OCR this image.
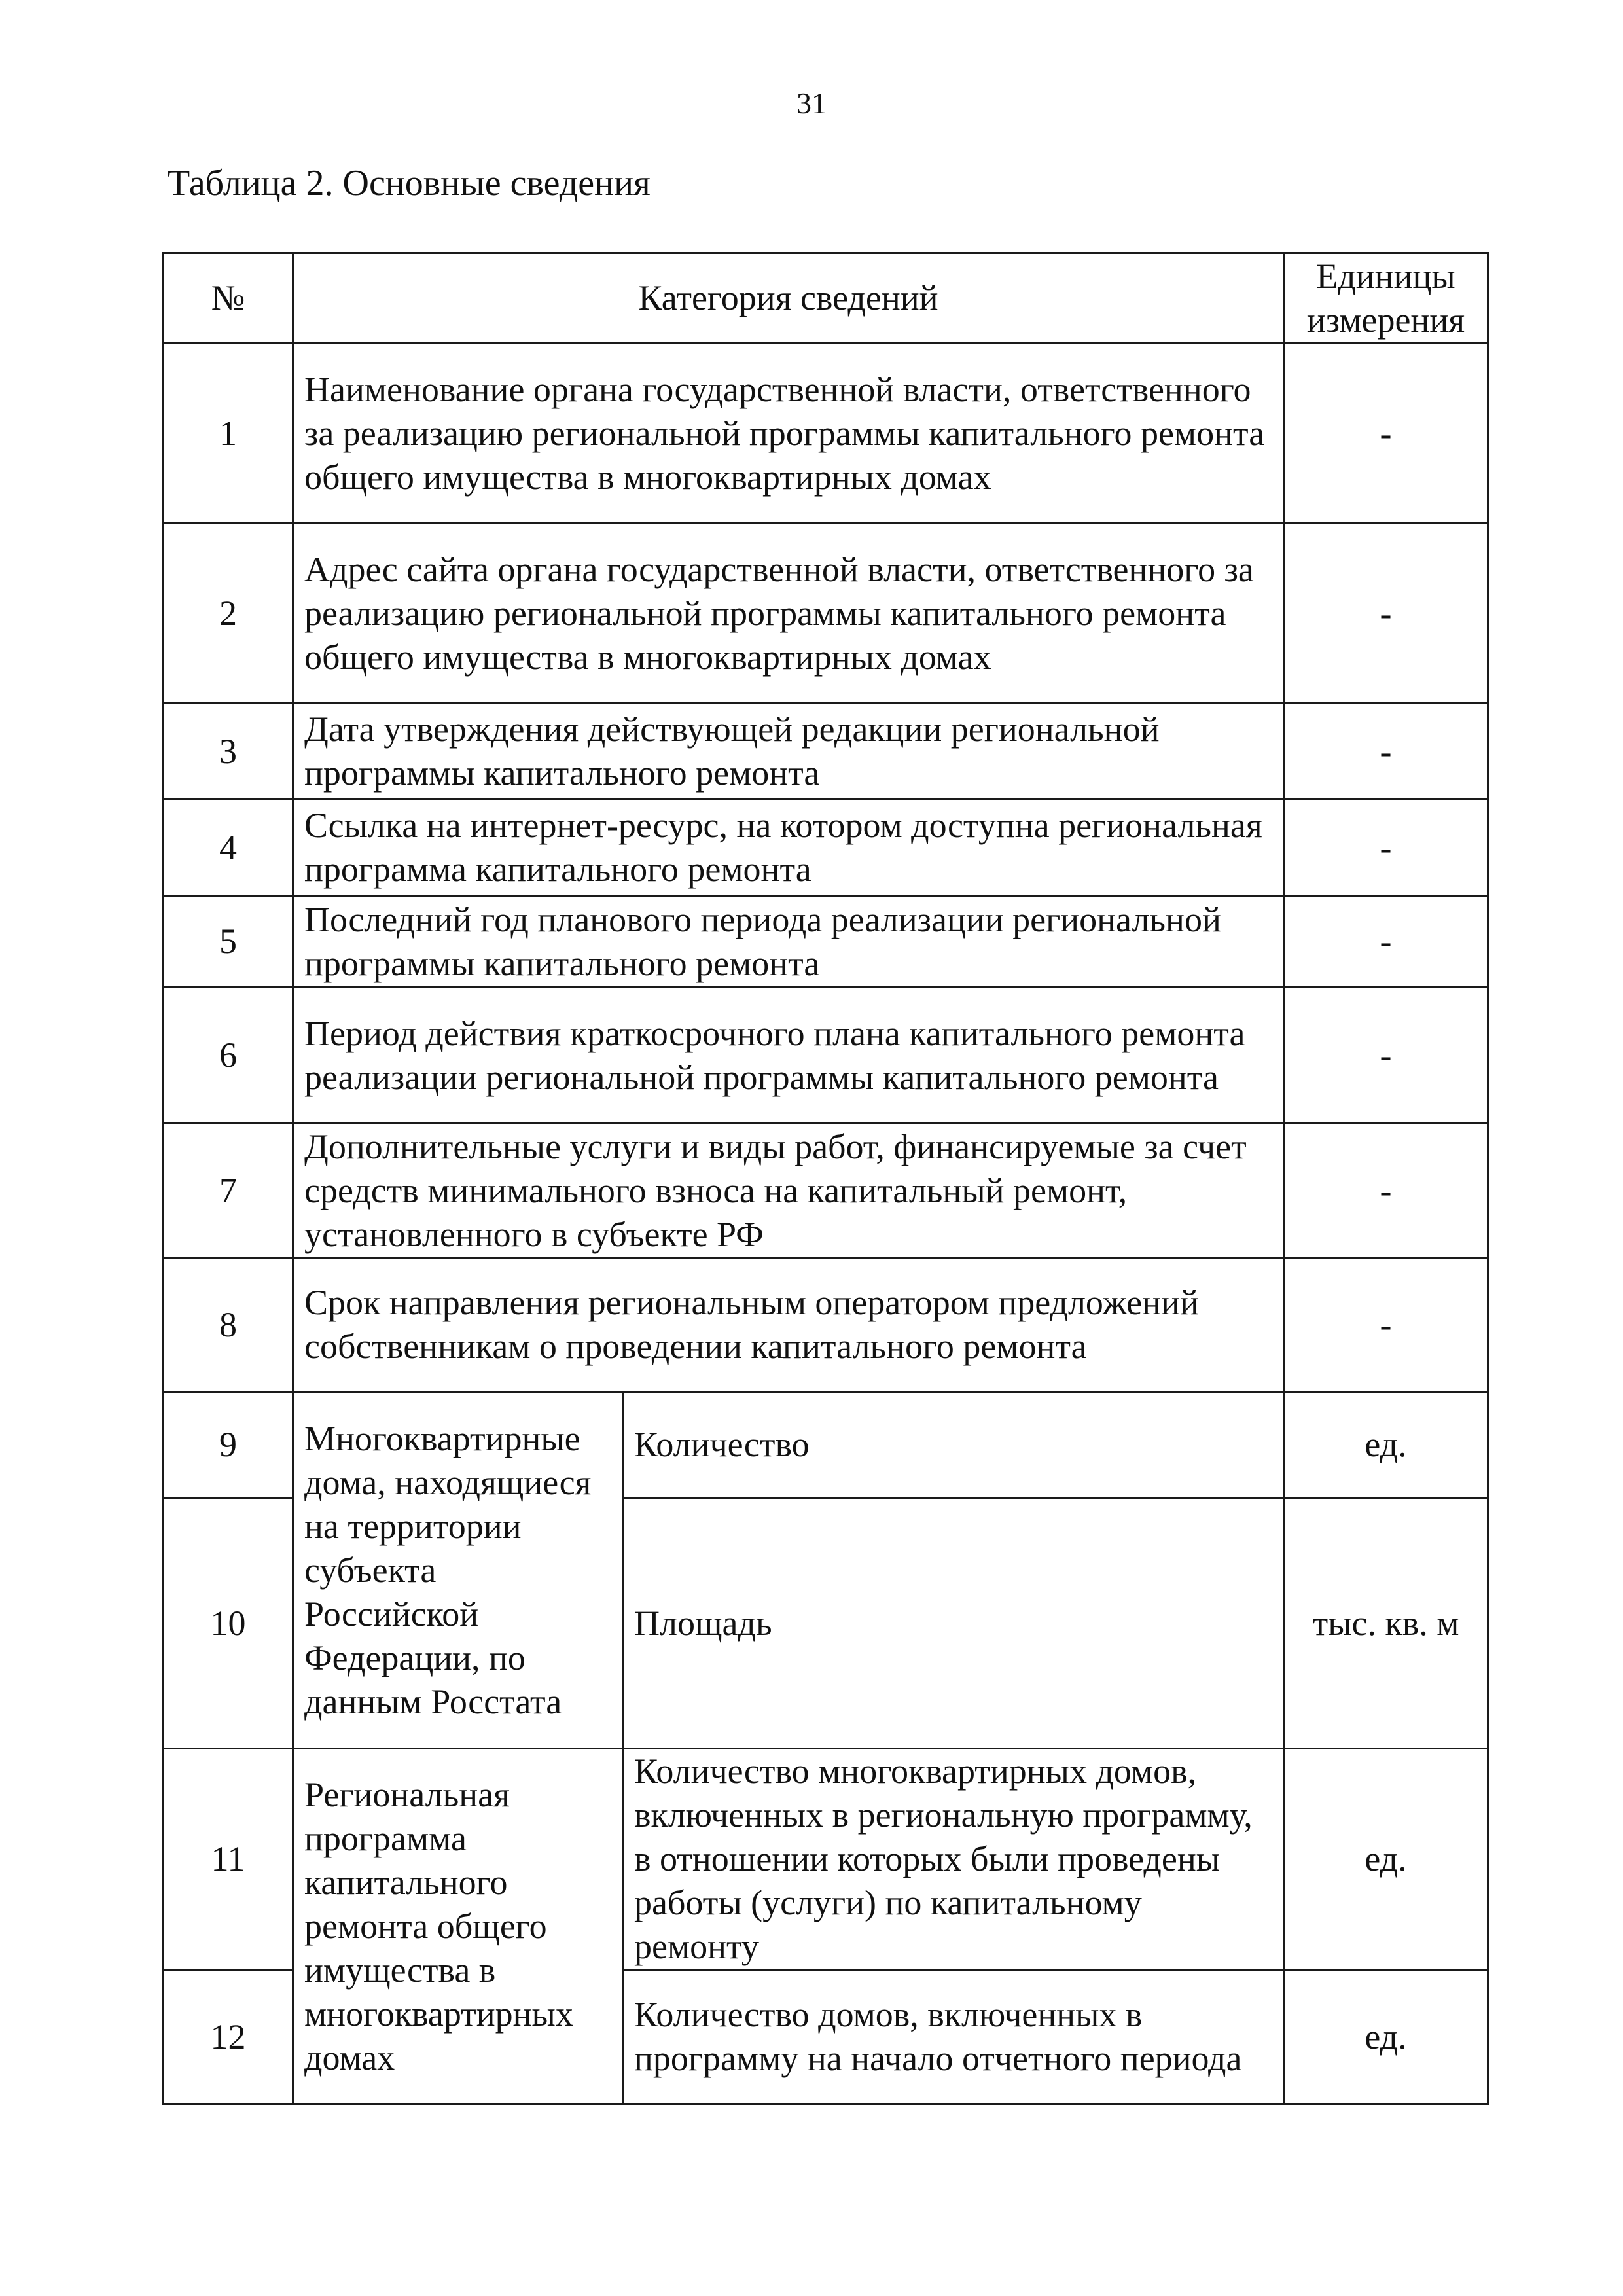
31
Таблица 2. Основные сведения
№	Категория сведений		Единицы измерения
1	Наименование органа государственной власти, ответственного за реализацию региональной программы капитального ремонта общего имущества в многоквартирных домах		-
2	Адрес сайта органа государственной власти, ответственного за реализацию региональной программы капитального ремонта общего имущества в многоквартирных домах		-
3	Дата утверждения действующей редакции региональной программы капитального ремонта		-
4	Ссылка на интернет-ресурс, на котором доступна региональная программа капитального ремонта		-
5	Последний год планового периода реализации региональной программы капитального ремонта		-
6	Период действия краткосрочного плана капитального ремонта реализации региональной программы капитального ремонта		-
7	Дополнительные услуги и виды работ, финансируемые за счет средств минимального взноса на капитальный ремонт, установленного в субъекте РФ		-
8	Срок направления региональным оператором предложений собственникам о проведении капитального ремонта		-
9	Многоквартирные дома, находящиеся на территории субъекта Российской Федерации, по данным Росстата	Количество	ед.
10		Площадь	тыс. кв. м
11	Региональная программа капитального ремонта общего имущества в многоквартирных домах	Количество многоквартирных домов, включенных в региональную программу, в отношении которых были проведены работы (услуги) по капитальному ремонту	ед.
12		Количество домов, включенных в программу на начало отчетного периода	ед.
